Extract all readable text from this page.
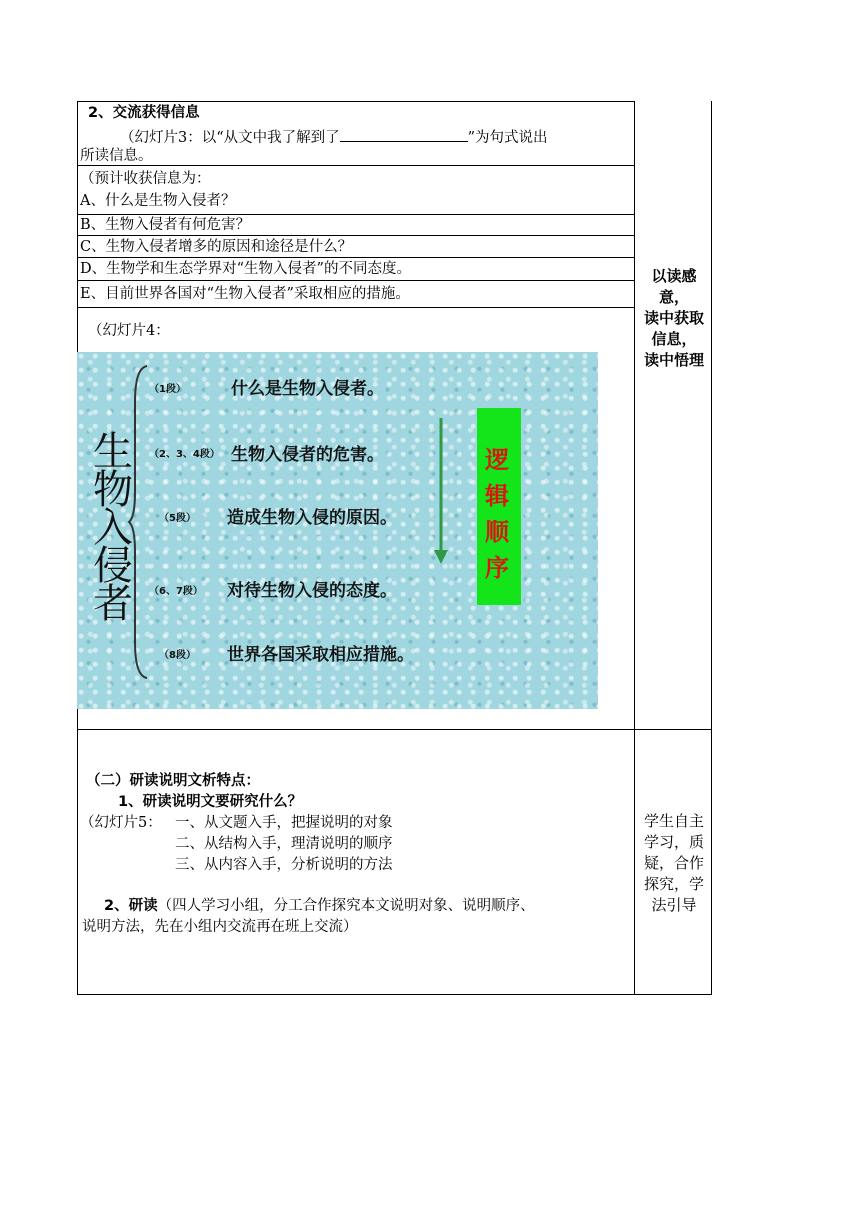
2、交流获得信息
（幻灯片3：以“从文中我了解到了	”为句式说出
所读信息。
（预计收获信息为：
A、什么是生物入侵者？
B、生物入侵者有何危害？
C、生物入侵者增多的原因和途径是什么？
D、生物学和生态学界对“生物入侵者”的不同态度。
E、目前世界各国对“生物入侵者”采取相应的措施。
（幻灯片4：
生
物
入
侵
者
（1段）	什么是生物入侵者。
（2、3、4段） 生物入侵者的危害。
（5段） 造成生物入侵的原因。
（6、7段） 对待生物入侵的态度。
（8段） 世界各国采取相应措施。
逻
辑
顺
序
以读感
意，
读中获取
信息，
读中悟理
（二）研读说明文析特点：
1、研读说明文要研究什么？
（幻灯片5： 一、从文题入手，把握说明的对象
二、从结构入手，理清说明的顺序
三、从内容入手，分析说明的方法
2、研读（四人学习小组，分工合作探究本文说明对象、说明顺序、
说明方法，先在小组内交流再在班上交流）
学生自主
学习，质
疑，合作
探究，学
法引导
